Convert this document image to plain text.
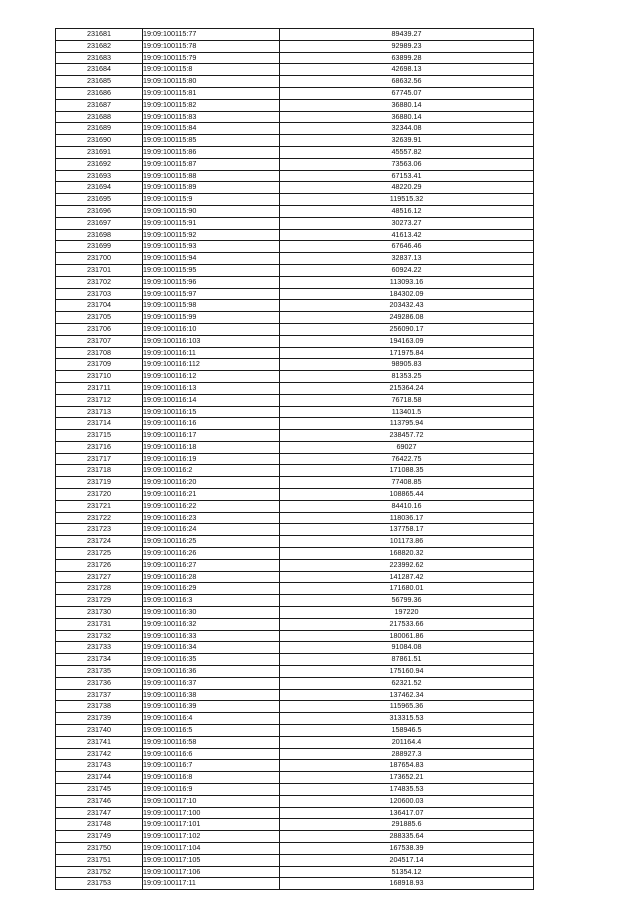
231681	19:09:100115:77	89439.27
231682	19:09:100115:78	92989.23
231683	19:09:100115:79	63899.28
231684	19:09:100115:8	42698.13
231685	19:09:100115:80	68632.56
231686	19:09:100115:81	67745.07
231687	19:09:100115:82	36880.14
231688	19:09:100115:83	36880.14
231689	19:09:100115:84	32344.08
231690	19:09:100115:85	32639.91
231691	19:09:100115:86	45557.82
231692	19:09:100115:87	73563.06
231693	19:09:100115:88	67153.41
231694	19:09:100115:89	48220.29
231695	19:09:100115:9	119515.32
231696	19:09:100115:90	48516.12
231697	19:09:100115:91	30273.27
231698	19:09:100115:92	41613.42
231699	19:09:100115:93	67646.46
231700	19:09:100115:94	32837.13
231701	19:09:100115:95	60924.22
231702	19:09:100115:96	113093.16
231703	19:09:100115:97	184302.09
231704	19:09:100115:98	203432.43
231705	19:09:100115:99	249286.08
231706	19:09:100116:10	256090.17
231707	19:09:100116:103	194163.09
231708	19:09:100116:11	171975.84
231709	19:09:100116:112	98905.83
231710	19:09:100116:12	81353.25
231711	19:09:100116:13	215364.24
231712	19:09:100116:14	76718.58
231713	19:09:100116:15	113401.5
231714	19:09:100116:16	113795.94
231715	19:09:100116:17	238457.72
231716	19:09:100116:18	69027
231717	19:09:100116:19	76422.75
231718	19:09:100116:2	171088.35
231719	19:09:100116:20	77408.85
231720	19:09:100116:21	108865.44
231721	19:09:100116:22	84410.16
231722	19:09:100116:23	118036.17
231723	19:09:100116:24	137758.17
231724	19:09:100116:25	101173.86
231725	19:09:100116:26	168820.32
231726	19:09:100116:27	223992.62
231727	19:09:100116:28	141287.42
231728	19:09:100116:29	171680.01
231729	19:09:100116:3	56799.36
231730	19:09:100116:30	197220
231731	19:09:100116:32	217533.66
231732	19:09:100116:33	180061.86
231733	19:09:100116:34	91084.08
231734	19:09:100116:35	87861.51
231735	19:09:100116:36	175160.94
231736	19:09:100116:37	62321.52
231737	19:09:100116:38	137462.34
231738	19:09:100116:39	115965.36
231739	19:09:100116:4	313315.53
231740	19:09:100116:5	158946.5
231741	19:09:100116:58	201164.4
231742	19:09:100116:6	288927.3
231743	19:09:100116:7	187654.83
231744	19:09:100116:8	173652.21
231745	19:09:100116:9	174835.53
231746	19:09:100117:10	120600.03
231747	19:09:100117:100	136417.07
231748	19:09:100117:101	291885.6
231749	19:09:100117:102	288335.64
231750	19:09:100117:104	167538.39
231751	19:09:100117:105	204517.14
231752	19:09:100117:106	51354.12
231753	19:09:100117:11	168918.93
